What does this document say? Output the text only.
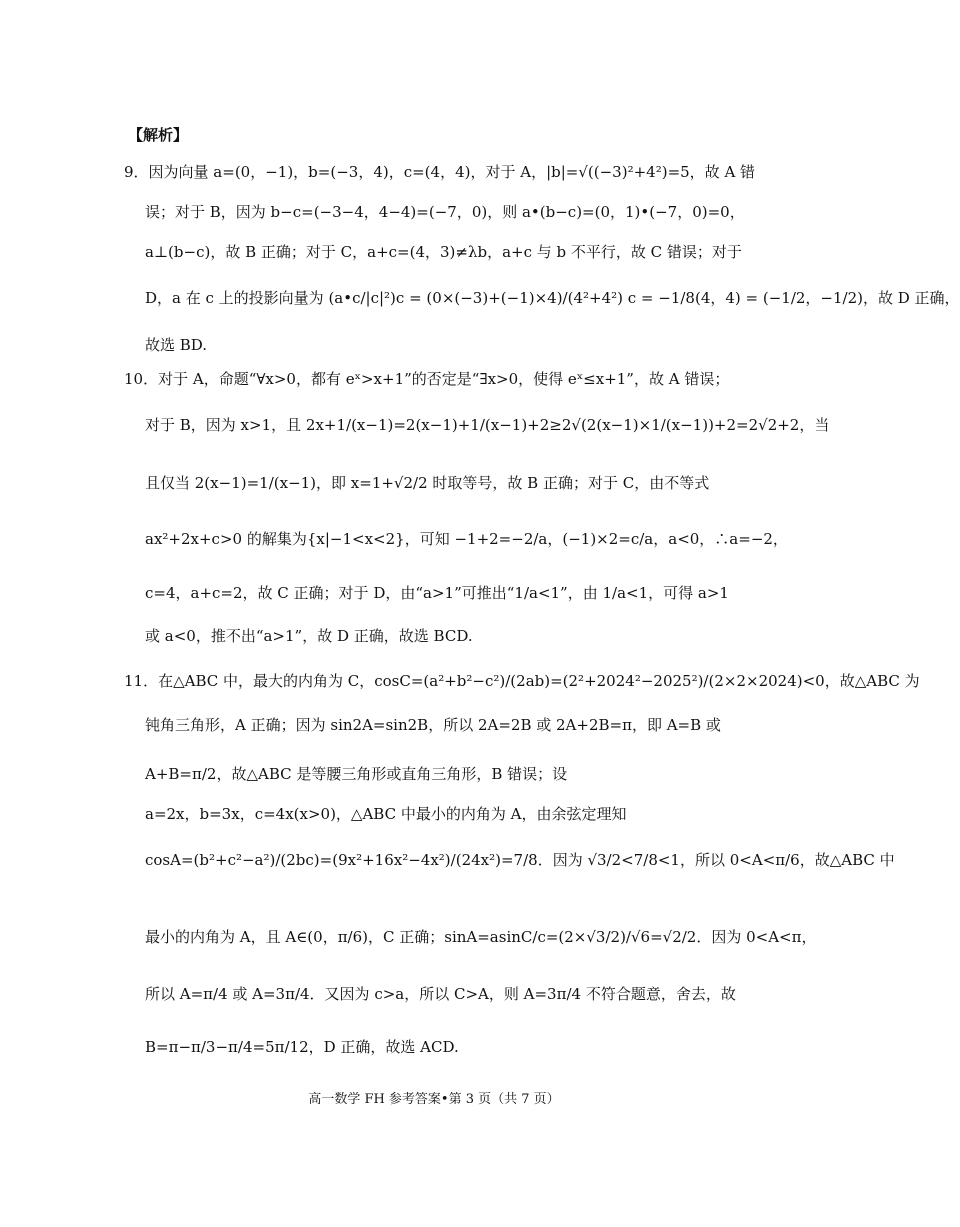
【解析】
9．因为向量 a=(0，−1)，b=(−3，4)，c=(4，4)，对于 A，|b|=√((−3)²+4²)=5，故 A 错
误；对于 B，因为 b−c=(−3−4，4−4)=(−7，0)，则 a•(b−c)=(0，1)•(−7，0)=0，
a⊥(b−c)，故 B 正确；对于 C，a+c=(4，3)≠λb，a+c 与 b 不平行，故 C 错误；对于
D，a 在 c 上的投影向量为 (a•c/|c|²)c = (0×(−3)+(−1)×4)/(4²+4²) c = −1/8(4，4) = (−1/2，−1/2)，故 D 正确，
故选 BD.
10．对于 A，命题“∀x>0，都有 eˣ>x+1”的否定是“∃x>0，使得 eˣ≤x+1”，故 A 错误；
对于 B，因为 x>1，且 2x+1/(x−1)=2(x−1)+1/(x−1)+2≥2√(2(x−1)×1/(x−1))+2=2√2+2，当
且仅当 2(x−1)=1/(x−1)，即 x=1+√2/2 时取等号，故 B 正确；对于 C，由不等式
ax²+2x+c>0 的解集为{x|−1<x<2}，可知 −1+2=−2/a，(−1)×2=c/a，a<0，∴a=−2，
c=4，a+c=2，故 C 正确；对于 D，由“a>1”可推出“1/a<1”，由 1/a<1，可得 a>1
或 a<0，推不出“a>1”，故 D 正确，故选 BCD.
11．在△ABC 中，最大的内角为 C，cosC=(a²+b²−c²)/(2ab)=(2²+2024²−2025²)/(2×2×2024)<0，故△ABC 为
钝角三角形，A 正确；因为 sin2A=sin2B，所以 2A=2B 或 2A+2B=π，即 A=B 或
A+B=π/2，故△ABC 是等腰三角形或直角三角形，B 错误；设
a=2x，b=3x，c=4x(x>0)，△ABC 中最小的内角为 A，由余弦定理知
cosA=(b²+c²−a²)/(2bc)=(9x²+16x²−4x²)/(24x²)=7/8．因为 √3/2<7/8<1，所以 0<A<π/6，故△ABC 中
最小的内角为 A，且 A∈(0，π/6)，C 正确；sinA=asinC/c=(2×√3/2)/√6=√2/2．因为 0<A<π，
所以 A=π/4 或 A=3π/4．又因为 c>a，所以 C>A，则 A=3π/4 不符合题意，舍去，故
B=π−π/3−π/4=5π/12，D 正确，故选 ACD.
高一数学 FH 参考答案•第 3 页（共 7 页）
